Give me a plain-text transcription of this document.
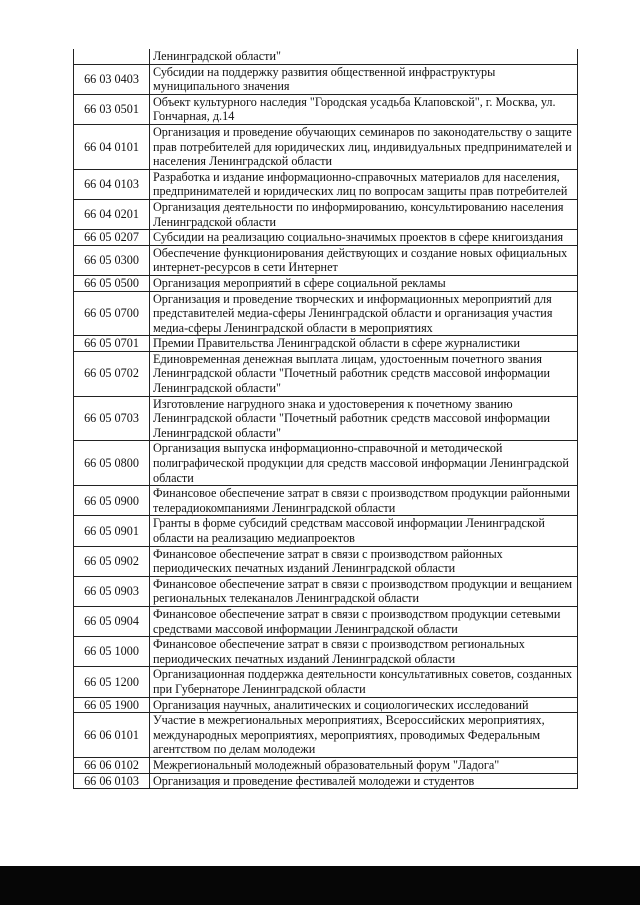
	Ленинградской области"
66 03 0403	Субсидии на поддержку развития общественной инфраструктуры муниципального значения
66 03 0501	Объект культурного наследия "Городская усадьба Клаповской", г. Москва, ул. Гончарная, д.14
66 04 0101	Организация и проведение обучающих семинаров по законодательству о защите прав потребителей для юридических лиц, индивидуальных предпринимателей и населения Ленинградской области
66 04 0103	Разработка и издание информационно-справочных материалов для населения, предпринимателей и юридических лиц по вопросам защиты прав потребителей
66 04 0201	Организация деятельности по информированию, консультированию населения Ленинградской области
66 05 0207	Субсидии на реализацию социально-значимых проектов в сфере книгоиздания
66 05 0300	Обеспечение функционирования действующих и создание новых официальных интернет-ресурсов в сети Интернет
66 05 0500	Организация мероприятий в сфере социальной рекламы
66 05 0700	Организация и проведение творческих и информационных мероприятий для представителей медиа-сферы Ленинградской области и организация участия медиа-сферы Ленинградской области в мероприятиях
66 05 0701	Премии Правительства Ленинградской области в сфере журналистики
66 05 0702	Единовременная денежная выплата лицам, удостоенным почетного звания Ленинградской области "Почетный работник средств массовой информации Ленинградской области"
66 05 0703	Изготовление нагрудного знака и удостоверения к почетному званию Ленинградской области "Почетный работник средств массовой информации Ленинградской области"
66 05 0800	Организация выпуска информационно-справочной и методической полиграфической продукции для средств массовой информации Ленинградской области
66 05 0900	Финансовое обеспечение затрат в связи с производством продукции районными телерадиокомпаниями Ленинградской области
66 05 0901	Гранты в форме субсидий средствам массовой информации Ленинградской области на реализацию медиапроектов
66 05 0902	Финансовое обеспечение затрат в связи с производством районных периодических печатных изданий Ленинградской области
66 05 0903	Финансовое обеспечение затрат в связи с производством продукции и вещанием региональных телеканалов Ленинградской области
66 05 0904	Финансовое обеспечение затрат в связи с производством продукции сетевыми средствами массовой информации Ленинградской области
66 05 1000	Финансовое обеспечение затрат в связи с производством региональных периодических печатных изданий Ленинградской области
66 05 1200	Организационная поддержка деятельности консультативных советов, созданных при Губернаторе Ленинградской области
66 05 1900	Организация научных, аналитических и социологических исследований
66 06 0101	Участие в межрегиональных мероприятиях, Всероссийских мероприятиях, международных мероприятиях, мероприятиях, проводимых Федеральным агентством по делам молодежи
66 06 0102	Межрегиональный молодежный образовательный форум "Ладога"
66 06 0103	Организация и проведение фестивалей молодежи и студентов
